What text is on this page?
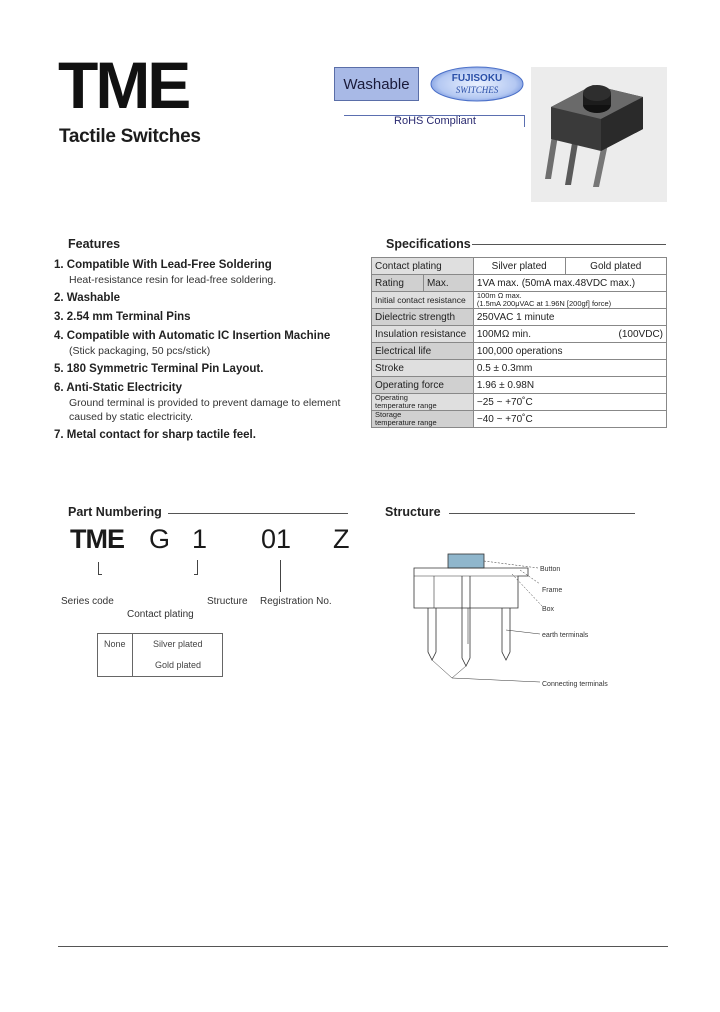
TME
Tactile Switches
Washable	FUJISOKU
SWITCHES
RoHS Compliant
Features
1. Compatible With Lead-Free Soldering
Heat-resistance resin for lead-free soldering.
2. Washable
3. 2.54 mm Terminal Pins
4. Compatible with Automatic IC Insertion Machine
(Stick packaging, 50 pcs/stick)
5. 180 Symmetric Terminal Pin Layout.
6. Anti-Static Electricity
Ground terminal is provided to prevent damage to element
caused by static electricity.
7. Metal contact for sharp tactile feel.
Specifications
Contact plating		Silver plated	Gold plated
Rating	Max.	1VA max. (50mA max.48VDC max.)	
Initial contact resistance		100m Ω max.
(1.5mA 200μVAC at 1.96N [200gf] force)	

Dielectric strength		250VAC 1 minute	
Insulation resistance		100MΩ min.	(100VDC)
Electrical life		100,000 operations	
Stroke		0.5 ± 0.3mm	
Operating force		1.96 ± 0.98N	

Operating
temperature range		−25 ~ +70˚C	

Storage
temperature range		−40 ~ +70˚C	
Part Numbering
TME G 1 01 Z
Series code
Contact plating
Structure Registration No.
None	Silver plated
Gold plated
Structure
Button
Frame
Box
earth terminals
Connecting terminals
